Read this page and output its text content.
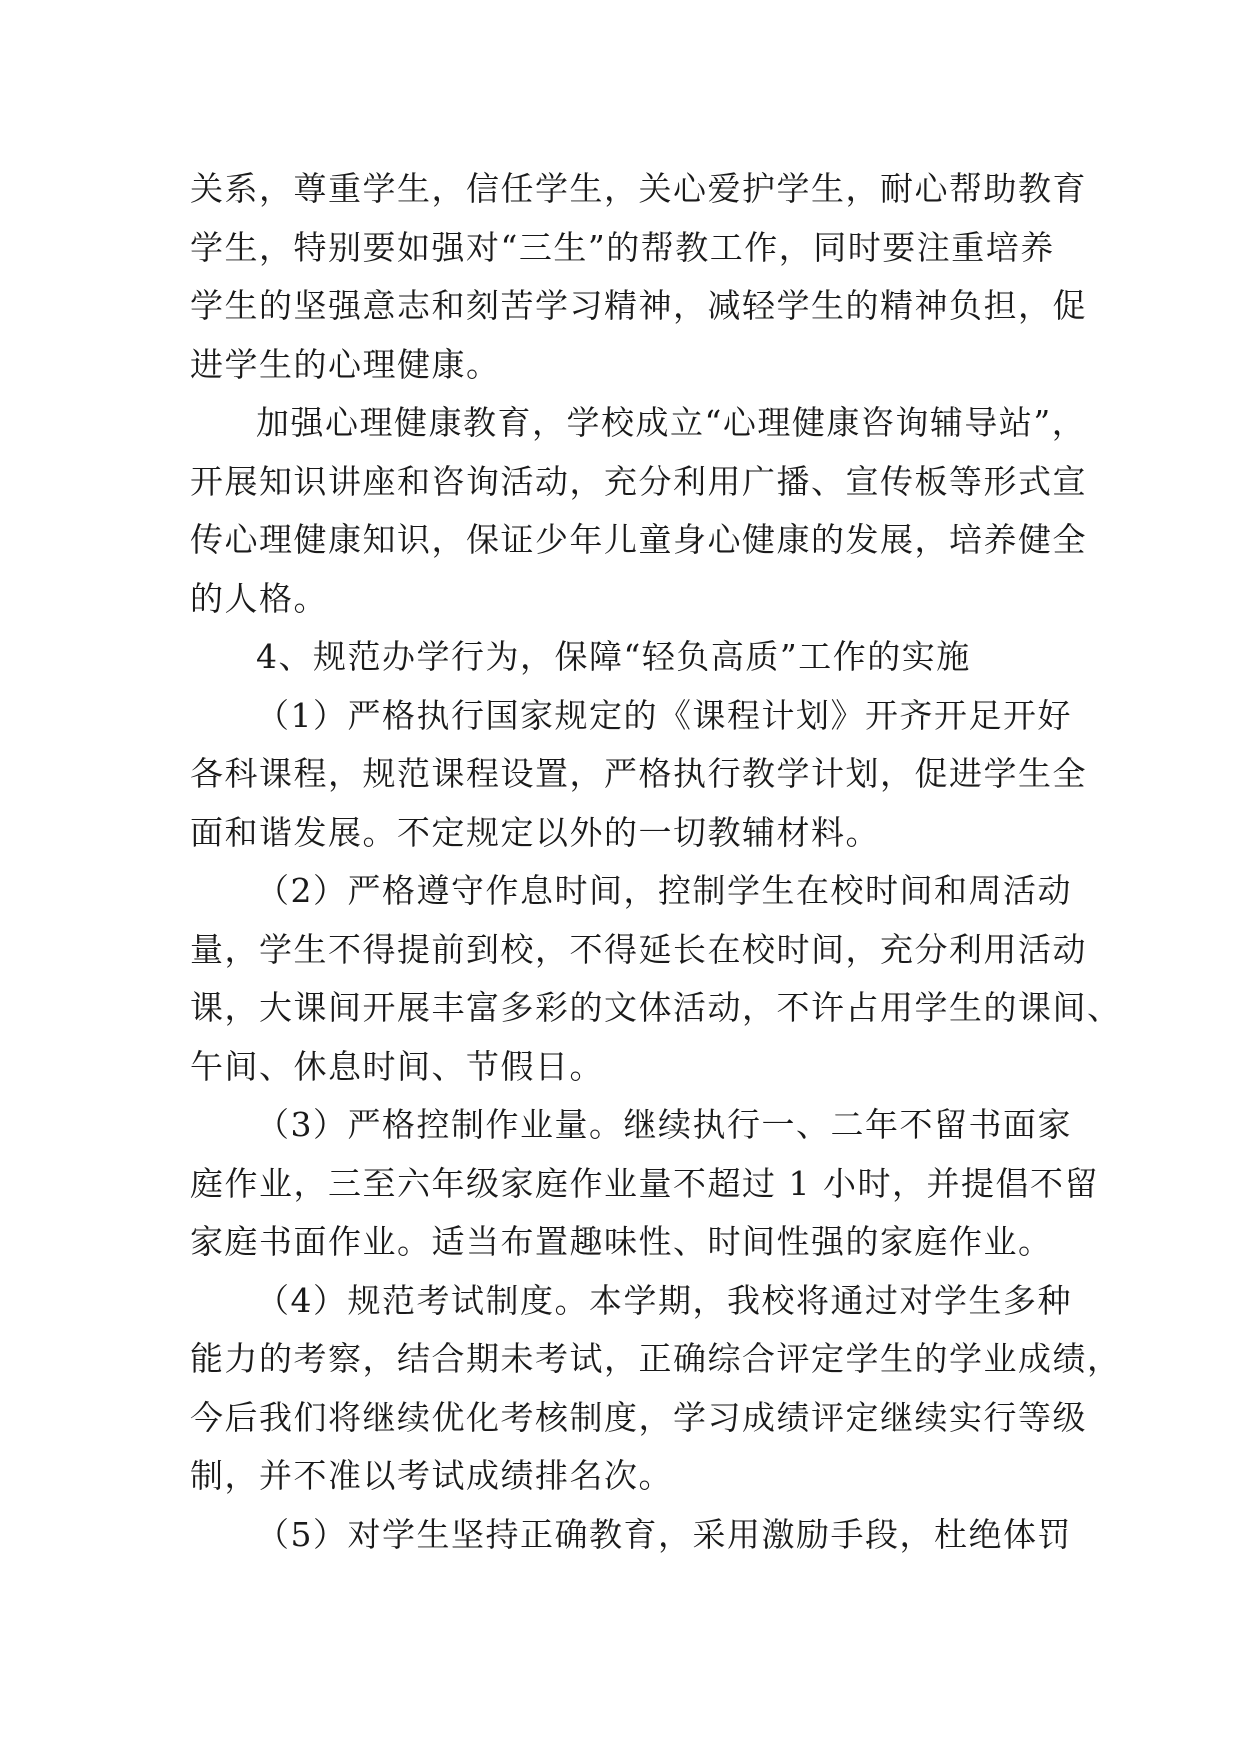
关系，尊重学生，信任学生，关心爱护学生，耐心帮助教育
学生，特别要如强对“三生”的帮教工作，同时要注重培养
学生的坚强意志和刻苦学习精神，减轻学生的精神负担，促
进学生的心理健康。
加强心理健康教育，学校成立“心理健康咨询辅导站”，
开展知识讲座和咨询活动，充分利用广播、宣传板等形式宣
传心理健康知识，保证少年儿童身心健康的发展，培养健全
的人格。
4、规范办学行为，保障“轻负高质”工作的实施
（1）严格执行国家规定的《课程计划》开齐开足开好
各科课程，规范课程设置，严格执行教学计划，促进学生全
面和谐发展。不定规定以外的一切教辅材料。
（2）严格遵守作息时间，控制学生在校时间和周活动
量，学生不得提前到校，不得延长在校时间，充分利用活动
课，大课间开展丰富多彩的文体活动，不许占用学生的课间、
午间、休息时间、节假日。
（3）严格控制作业量。继续执行一、二年不留书面家
庭作业，三至六年级家庭作业量不超过 1 小时，并提倡不留
家庭书面作业。适当布置趣味性、时间性强的家庭作业。
（4）规范考试制度。本学期，我校将通过对学生多种
能力的考察，结合期未考试，正确综合评定学生的学业成绩，
今后我们将继续优化考核制度，学习成绩评定继续实行等级
制，并不准以考试成绩排名次。
（5）对学生坚持正确教育，采用激励手段，杜绝体罚
